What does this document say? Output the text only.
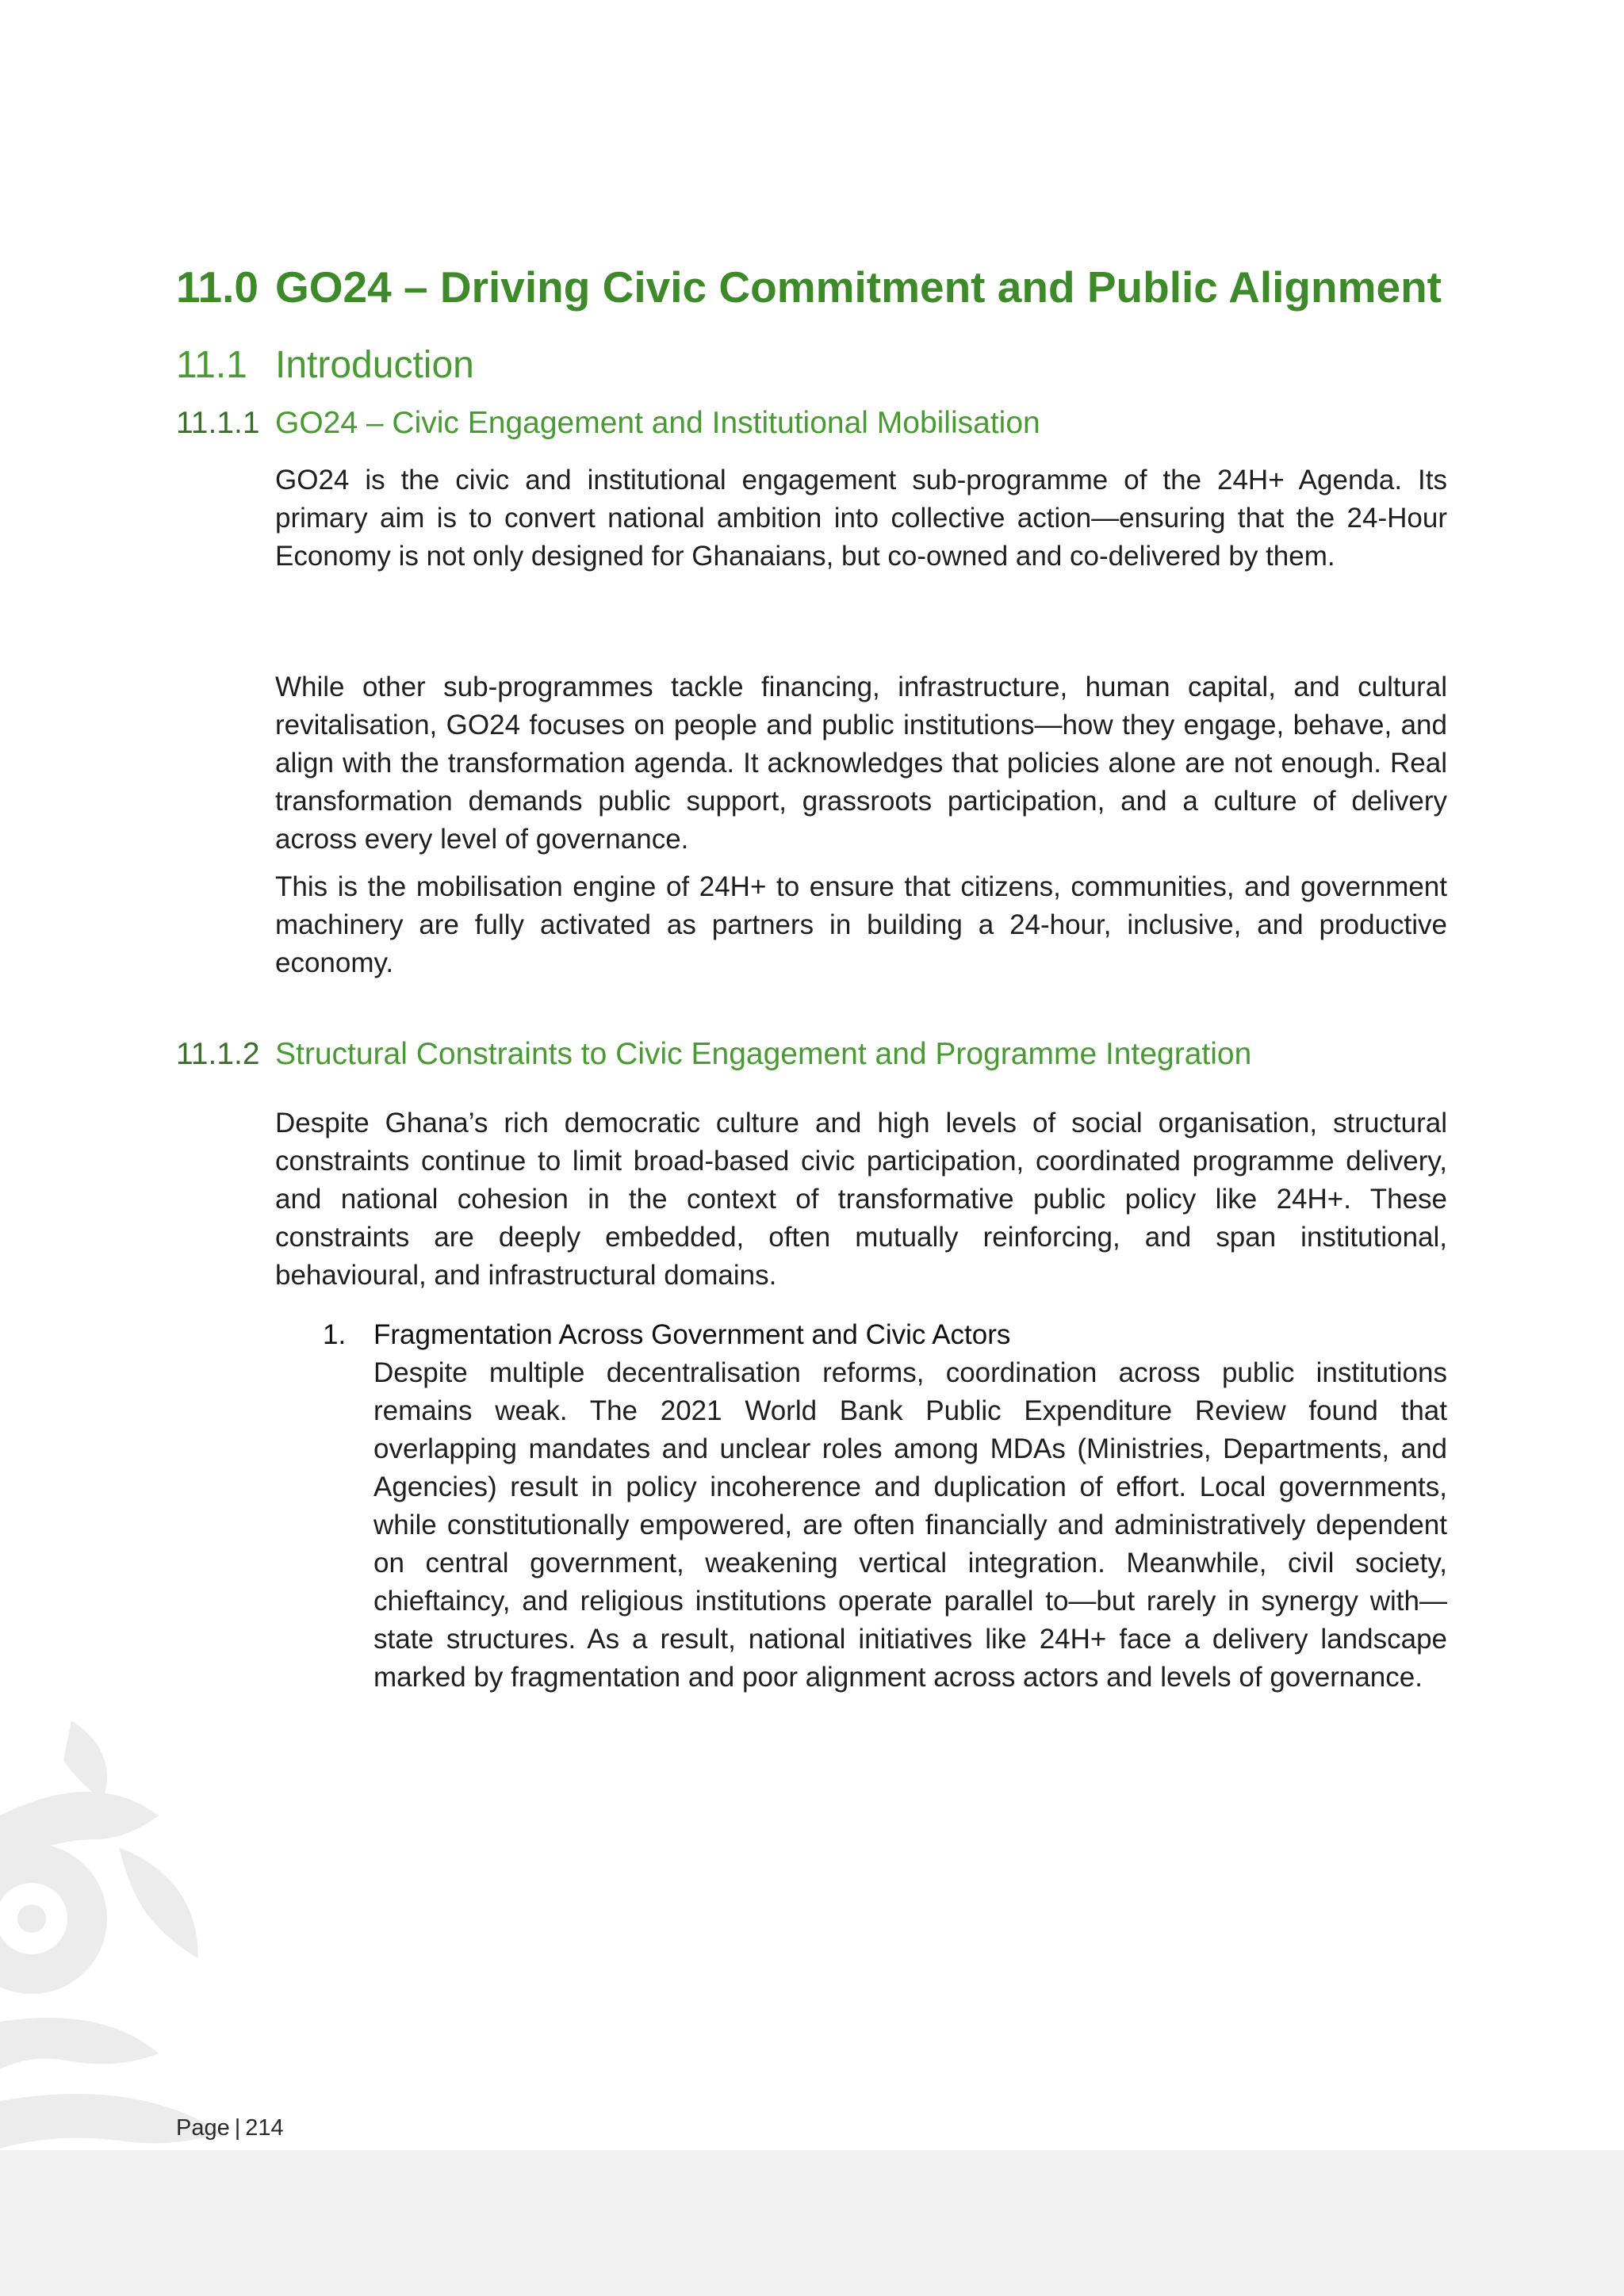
11.0 GO24 – Driving Civic Commitment and Public Alignment
11.1 Introduction
11.1.1 GO24 – Civic Engagement and Institutional Mobilisation

GO24 is the civic and institutional engagement sub-programme of the 24H+ Agenda. Its primary aim is to convert national ambition into collective action—ensuring that the 24-Hour Economy is not only designed for Ghanaians, but co-owned and co-delivered by them.

While other sub-programmes tackle financing, infrastructure, human capital, and cultural revitalisation, GO24 focuses on people and public institutions—how they engage, behave, and align with the transformation agenda. It acknowledges that policies alone are not enough. Real transformation demands public support, grassroots participation, and a culture of delivery across every level of governance.

This is the mobilisation engine of 24H+ to ensure that citizens, communities, and government machinery are fully activated as partners in building a 24-hour, inclusive, and productive economy.

11.1.2 Structural Constraints to Civic Engagement and Programme Integration

Despite Ghana’s rich democratic culture and high levels of social organisation, structural constraints continue to limit broad-based civic participation, coordinated programme delivery, and national cohesion in the context of transformative public policy like 24H+. These constraints are deeply embedded, often mutually reinforcing, and span institutional, behavioural, and infrastructural domains.

1. Fragmentation Across Government and Civic Actors

Despite multiple decentralisation reforms, coordination across public institutions remains weak. The 2021 World Bank Public Expenditure Review found that overlapping mandates and unclear roles among MDAs (Ministries, Departments, and Agencies) result in policy incoherence and duplication of effort. Local governments, while constitutionally empowered, are often financially and administratively dependent on central government, weakening vertical integration. Meanwhile, civil society, chieftaincy, and religious institutions operate parallel to—but rarely in synergy with—state structures. As a result, national initiatives like 24H+ face a delivery landscape marked by fragmentation and poor alignment across actors and levels of governance.

Page | 214
